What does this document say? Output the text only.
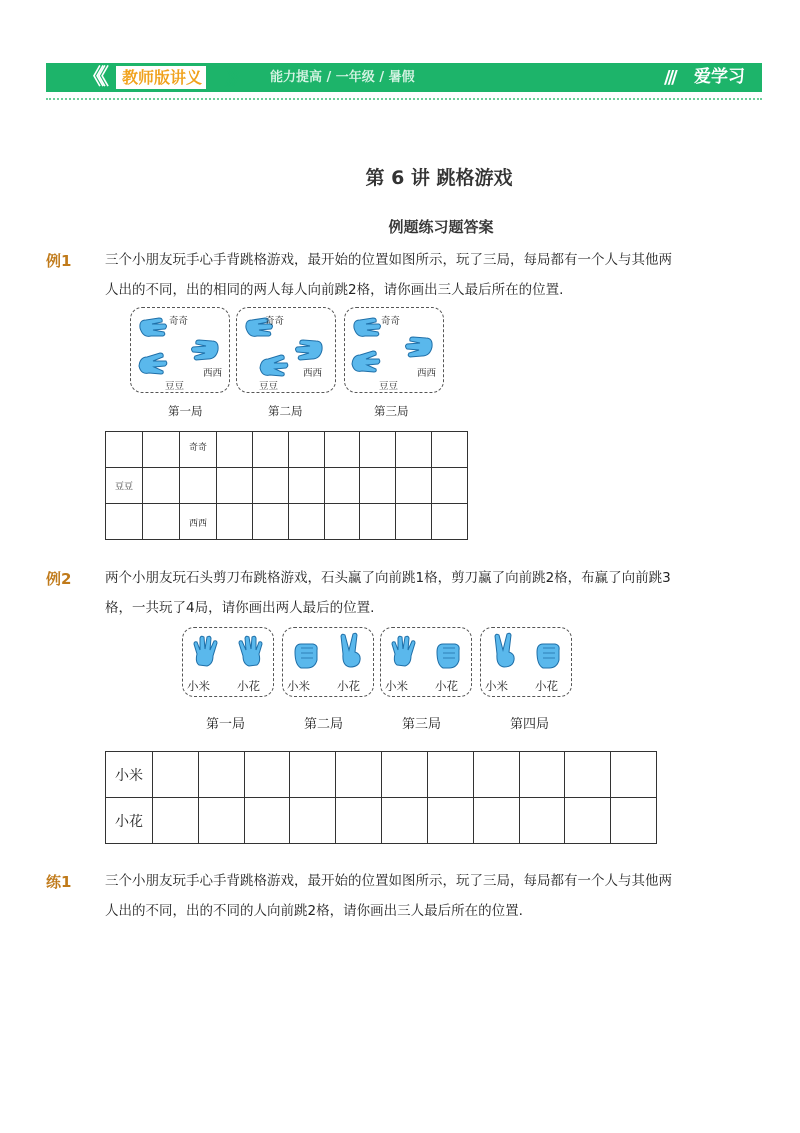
《《 教师版讲义 》》 能力提高 / 一年级 / 暑假	/// 爱学习
第 6 讲 跳格游戏
例题练习题答案
例1 三个小朋友玩手心手背跳格游戏，最开始的位置如图所示，玩了三局，每局都有一个人与其他两
人出的不同，出的相同的两人每人向前跳2格，请你画出三人最后所在的位置.
奇奇
西西
豆豆
奇奇
西西
豆豆
奇奇
西西
豆豆
第一局	第二局	第三局
		奇奇							
豆豆									
		西西							
例2 两个小朋友玩石头剪刀布跳格游戏，石头赢了向前跳1格，剪刀赢了向前跳2格，布赢了向前跳3
格，一共玩了4局，请你画出两人最后的位置.
小米 小花 小米 小花 小米 小花 小米 小花
第一局	第二局	第三局	第四局
小米											
小花											
练1 三个小朋友玩手心手背跳格游戏，最开始的位置如图所示，玩了三局，每局都有一个人与其他两
人出的不同，出的不同的人向前跳2格，请你画出三人最后所在的位置.
